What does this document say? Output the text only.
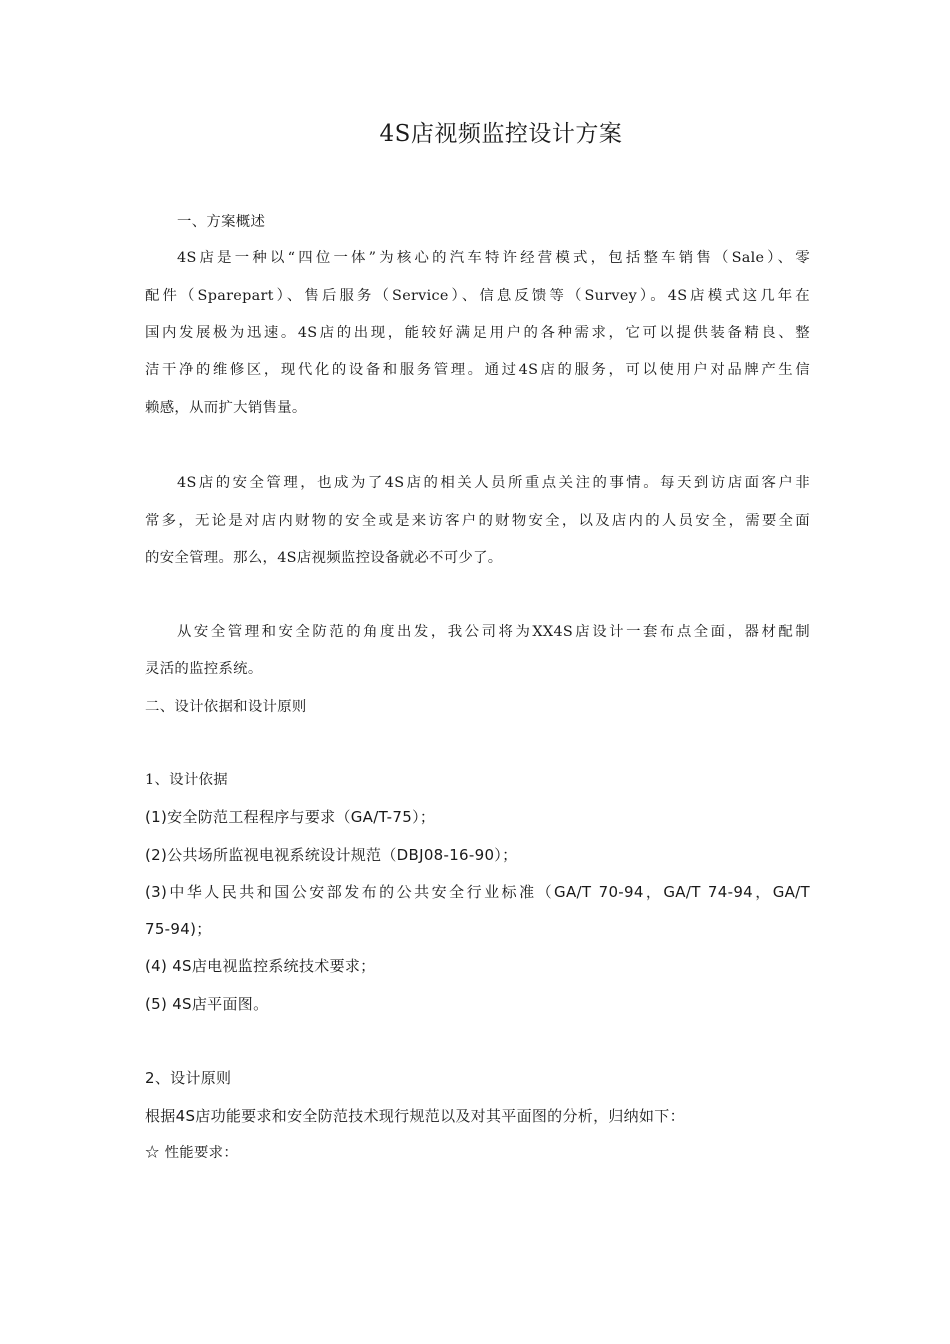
4S店视频监控设计方案
一、方案概述
4S店是一种以“四位一体”为核心的汽车特许经营模式，包括整车销售（Sale）、零
配件（Sparepart）、售后服务（Service）、信息反馈等（Survey）。4S店模式这几年在
国内发展极为迅速。4S店的出现，能较好满足用户的各种需求，它可以提供装备精良、整
洁干净的维修区，现代化的设备和服务管理。通过4S店的服务，可以使用户对品牌产生信
赖感，从而扩大销售量。
4S店的安全管理，也成为了4S店的相关人员所重点关注的事情。每天到访店面客户非
常多，无论是对店内财物的安全或是来访客户的财物安全，以及店内的人员安全，需要全面
的安全管理。那么，4S店视频监控设备就必不可少了。
从安全管理和安全防范的角度出发，我公司将为XX4S店设计一套布点全面，器材配制
灵活的监控系统。
二、设计依据和设计原则
1、设计依据
(1)安全防范工程程序与要求（GA/T-75）；
(2)公共场所监视电视系统设计规范（DBJ08-16-90）；
(3)中华人民共和国公安部发布的公共安全行业标准（GA/T 70-94，GA/T 74-94，GA/T
75-94)；
(4) 4S店电视监控系统技术要求；
(5) 4S店平面图。
2、设计原则
根据4S店功能要求和安全防范技术现行规范以及对其平面图的分析，归纳如下：
☆ 性能要求：
